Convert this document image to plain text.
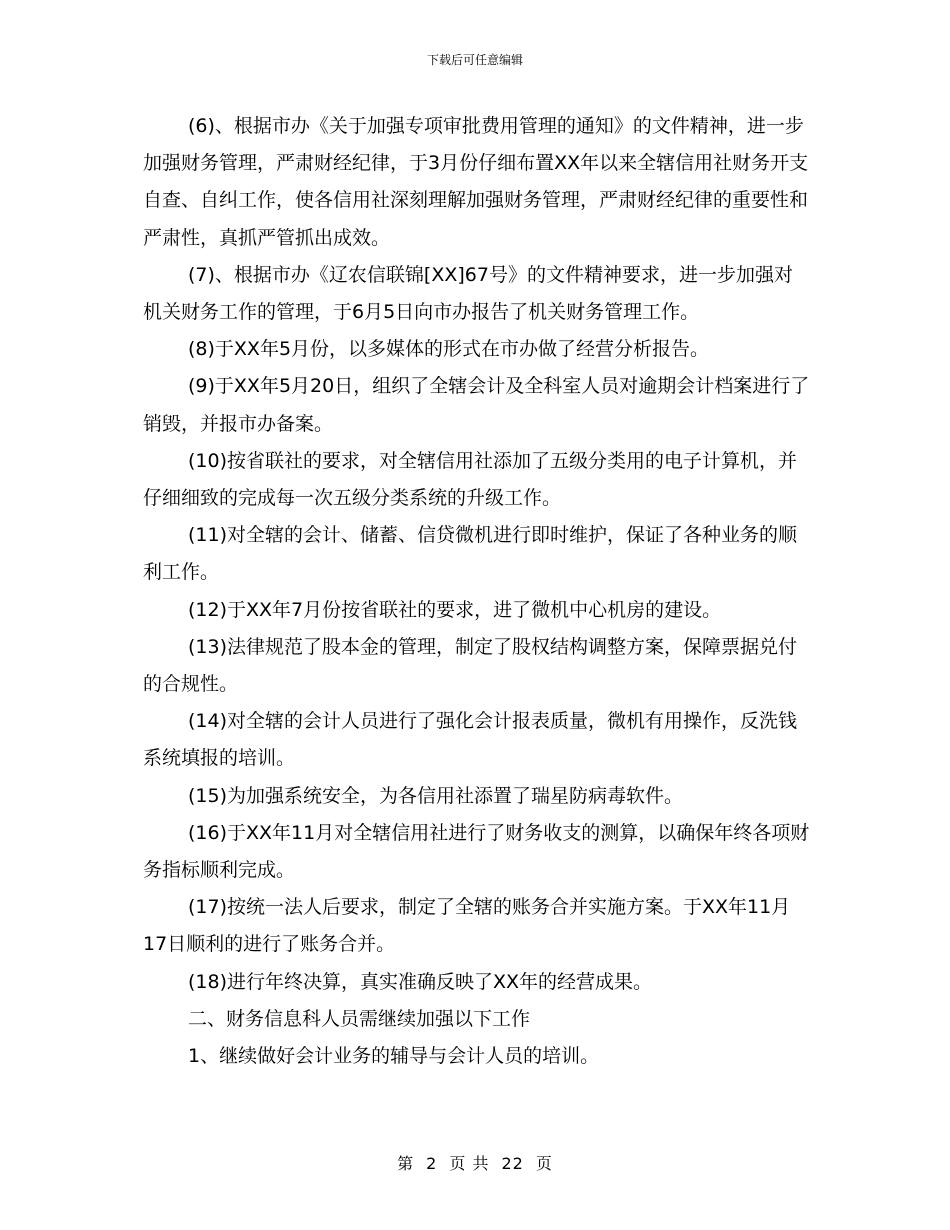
下载后可任意编辑

(6)、根据市办《关于加强专项审批费用管理的通知》的文件精神，进一步加强财务管理，严肃财经纪律，于3月份仔细布置XX年以来全辖信用社财务开支自查、自纠工作，使各信用社深刻理解加强财务管理，严肃财经纪律的重要性和严肃性，真抓严管抓出成效。

(7)、根据市办《辽农信联锦[XX]67号》的文件精神要求，进一步加强对机关财务工作的管理，于6月5日向市办报告了机关财务管理工作。

(8)于XX年5月份，以多媒体的形式在市办做了经营分析报告。

(9)于XX年5月20日，组织了全辖会计及全科室人员对逾期会计档案进行了销毁，并报市办备案。

(10)按省联社的要求，对全辖信用社添加了五级分类用的电子计算机，并仔细细致的完成每一次五级分类系统的升级工作。

(11)对全辖的会计、储蓄、信贷微机进行即时维护，保证了各种业务的顺利工作。

(12)于XX年7月份按省联社的要求，进了微机中心机房的建设。

(13)法律规范了股本金的管理，制定了股权结构调整方案，保障票据兑付的合规性。

(14)对全辖的会计人员进行了强化会计报表质量，微机有用操作，反洗钱系统填报的培训。

(15)为加强系统安全，为各信用社添置了瑞星防病毒软件。

(16)于XX年11月对全辖信用社进行了财务收支的测算，以确保年终各项财务指标顺利完成。

(17)按统一法人后要求，制定了全辖的账务合并实施方案。于XX年11月17日顺利的进行了账务合并。

(18)进行年终决算，真实准确反映了XX年的经营成果。

二、财务信息科人员需继续加强以下工作

1、继续做好会计业务的辅导与会计人员的培训。

第 2 页 共 22 页
